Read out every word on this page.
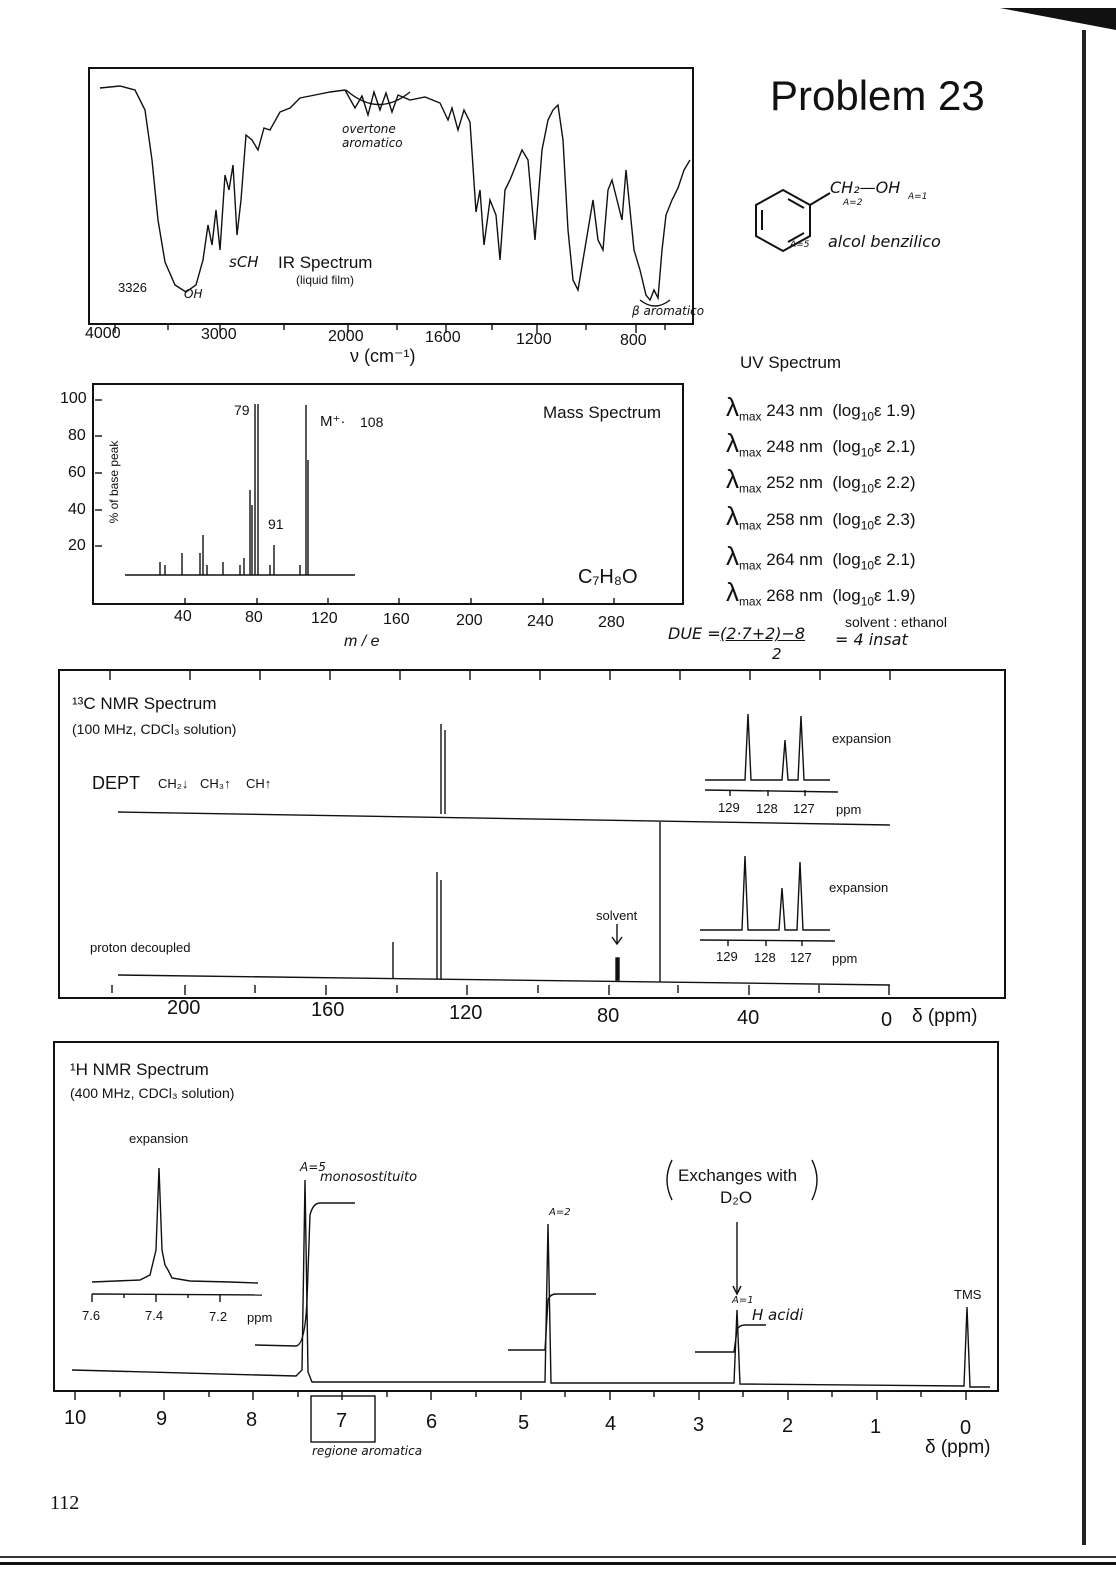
Problem 23
3326	OH
sCH IR Spectrum
(liquid film)
overtone aromatico
β aromatico
4000	3000	2000	1600	1200	800
ν (cm⁻¹)
CH₂—OH A=1
A=2
A=5 alcol benzilico
UV Spectrum
$\lambda_{max}$ 243 nm  ($\log_{10}\varepsilon$ 1.9)
$\lambda_{max}$ 248 nm  ($\log_{10}\varepsilon$ 2.1)
$\lambda_{max}$ 252 nm  ($\log_{10}\varepsilon$ 2.2)
$\lambda_{max}$ 258 nm  ($\log_{10}\varepsilon$ 2.3)
$\lambda_{max}$ 264 nm  ($\log_{10}\varepsilon$ 2.1)
$\lambda_{max}$ 268 nm  ($\log_{10}\varepsilon$ 1.9)
solvent : ethanol
100
80
60
40
20
% of base peak
79
91
M⁺· 108	Mass Spectrum
C₇H₈O
40	80	120	160	200	240	280
m / e	DUE = (2·7+2)−8
2
= 4 insat
¹³C NMR Spectrum
(100 MHz, CDCl₃ solution)
DEPT CH₂↓ CH₃↑ CH↑
expansion
129 128 127 ppm
expansion
129 128 127 ppm
solvent
proton decoupled
200	160	120	80	40	0 δ (ppm)
¹H NMR Spectrum
(400 MHz, CDCl₃ solution)
expansion
7.6	7.4	7.2 ppm
A=5
monosostituito
A=2
Exchanges with
D₂O
A=1
H acidi
TMS
10	9	8	7	6	5	4	3	2	1	0
δ (ppm)
regione aromatica
112
